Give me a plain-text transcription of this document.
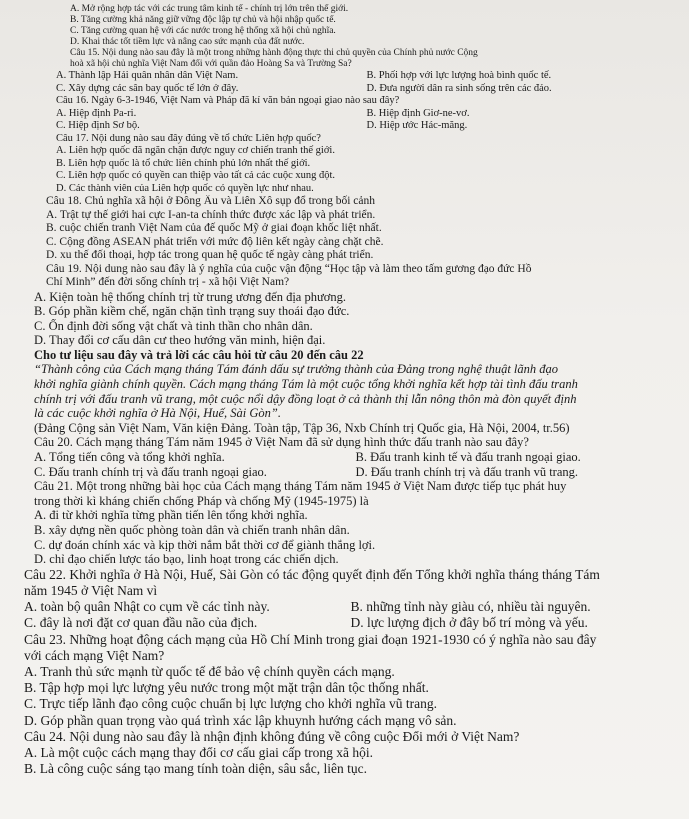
A. Mở rộng hợp tác với các trung tâm kinh tế - chính trị lớn trên thế giới.
B. Tăng cường khả năng giữ vững độc lập tự chủ và hội nhập quốc tế.
C. Tăng cường quan hệ với các nước trong hệ thống xã hội chủ nghĩa.
D. Khai thác tốt tiềm lực và nâng cao sức mạnh của đất nước.
Câu 15. Nội dung nào sau đây là một trong những hành động thực thi chủ quyền của Chính phủ nước Cộng
hoà xã hội chủ nghĩa Việt Nam đối với quần đảo Hoàng Sa và Trường Sa?
A. Thành lập Hải quân nhân dân Việt Nam.	B. Phối hợp với lực lượng hoà bình quốc tế.
C. Xây dựng các sân bay quốc tế lớn ở đây.	D. Đưa người dân ra sinh sống trên các đảo.
Câu 16. Ngày 6-3-1946, Việt Nam và Pháp đã kí văn bản ngoại giao nào sau đây?
A. Hiệp định Pa-ri.	B. Hiệp định Giơ-ne-vơ.
C. Hiệp định Sơ bộ.	D. Hiệp ước Hác-măng.
Câu 17. Nội dung nào sau đây đúng về tổ chức Liên hợp quốc?
A. Liên hợp quốc đã ngăn chặn được nguy cơ chiến tranh thế giới.
B. Liên hợp quốc là tổ chức liên chính phủ lớn nhất thế giới.
C. Liên hợp quốc có quyền can thiệp vào tất cả các cuộc xung đột.
D. Các thành viên của Liên hợp quốc có quyền lực như nhau.
Câu 18. Chủ nghĩa xã hội ở Đông Âu và Liên Xô sụp đổ trong bối cảnh
A. Trật tự thế giới hai cực I-an-ta chính thức được xác lập và phát triển.
B. cuộc chiến tranh Việt Nam của đế quốc Mỹ ở giai đoạn khốc liệt nhất.
C. Cộng đồng ASEAN phát triển với mức độ liên kết ngày càng chặt chẽ.
D. xu thế đối thoại, hợp tác trong quan hệ quốc tế ngày càng phát triển.
Câu 19. Nội dung nào sau đây là ý nghĩa của cuộc vận động “Học tập và làm theo tấm gương đạo đức Hồ
Chí Minh” đến đời sống chính trị - xã hội Việt Nam?
A. Kiện toàn hệ thống chính trị từ trung ương đến địa phương.
B. Góp phần kiềm chế, ngăn chặn tình trạng suy thoái đạo đức.
C. Ổn định đời sống vật chất và tinh thần cho nhân dân.
D. Thay đổi cơ cấu dân cư theo hướng văn minh, hiện đại.
Cho tư liệu sau đây và trả lời các câu hỏi từ câu 20 đến câu 22
“Thành công của Cách mạng tháng Tám đánh dấu sự trưởng thành của Đảng trong nghệ thuật lãnh đạo
khởi nghĩa giành chính quyền. Cách mạng tháng Tám là một cuộc tổng khởi nghĩa kết hợp tài tình đấu tranh
chính trị với đấu tranh vũ trang, một cuộc nổi dậy đồng loạt ở cả thành thị lẫn nông thôn mà đòn quyết định
là các cuộc khởi nghĩa ở Hà Nội, Huế, Sài Gòn”.
(Đảng Cộng sản Việt Nam, Văn kiện Đảng. Toàn tập, Tập 36, Nxb Chính trị Quốc gia, Hà Nội, 2004, tr.56)
Câu 20. Cách mạng tháng Tám năm 1945 ở Việt Nam đã sử dụng hình thức đấu tranh nào sau đây?
A. Tổng tiến công và tổng khởi nghĩa.	B. Đấu tranh kinh tế và đấu tranh ngoại giao.
C. Đấu tranh chính trị và đấu tranh ngoại giao.	D. Đấu tranh chính trị và đấu tranh vũ trang.
Câu 21. Một trong những bài học của Cách mạng tháng Tám năm 1945 ở Việt Nam được tiếp tục phát huy
trong thời kì kháng chiến chống Pháp và chống Mỹ (1945-1975) là
A. đi từ khởi nghĩa từng phần tiến lên tổng khởi nghĩa.
B. xây dựng nền quốc phòng toàn dân và chiến tranh nhân dân.
C. dự đoán chính xác và kịp thời nắm bắt thời cơ để giành thắng lợi.
D. chỉ đạo chiến lược táo bạo, linh hoạt trong các chiến dịch.
Câu 22. Khởi nghĩa ở Hà Nội, Huế, Sài Gòn có tác động quyết định đến Tổng khởi nghĩa tháng tháng Tám
năm 1945 ở Việt Nam vì
A. toàn bộ quân Nhật co cụm về các tỉnh này.	B. những tỉnh này giàu có, nhiều tài nguyên.
C. đây là nơi đặt cơ quan đầu não của địch.	D. lực lượng địch ở đây bố trí mỏng và yếu.
Câu 23. Những hoạt động cách mạng của Hồ Chí Minh trong giai đoạn 1921-1930 có ý nghĩa nào sau đây
với cách mạng Việt Nam?
A. Tranh thủ sức mạnh từ quốc tế để bảo vệ chính quyền cách mạng.
B. Tập hợp mọi lực lượng yêu nước trong một mặt trận dân tộc thống nhất.
C. Trực tiếp lãnh đạo công cuộc chuẩn bị lực lượng cho khởi nghĩa vũ trang.
D. Góp phần quan trọng vào quá trình xác lập khuynh hướng cách mạng vô sản.
Câu 24. Nội dung nào sau đây là nhận định không đúng về công cuộc Đổi mới ở Việt Nam?
A. Là một cuộc cách mạng thay đổi cơ cấu giai cấp trong xã hội.
B. Là công cuộc sáng tạo mang tính toàn diện, sâu sắc, liên tục.
